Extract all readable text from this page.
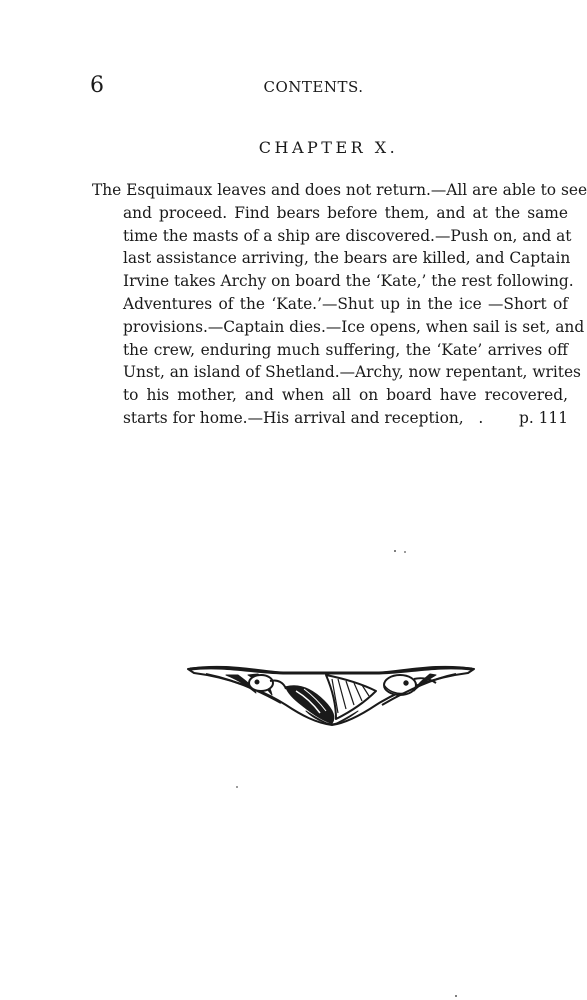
6	CONTENTS.
CHAPTER X.
The Esquimaux leaves and does not return.—All are able to see
and proceed. Find bears before them, and at the same
time the masts of a ship are discovered.—Push on, and at
last assistance arriving, the bears are killed, and Captain
Irvine takes Archy on board the ‘Kate,’ the rest following.
Adventures of the ‘Kate.’—Shut up in the ice —Short of
provisions.—Captain dies.—Ice opens, when sail is set, and
the crew, enduring much suffering, the ‘Kate’ arrives off
Unst, an island of Shetland.—Archy, now repentant, writes
to his mother, and when all on board have recovered,
starts for home.—His arrival and reception,   . p. 111
